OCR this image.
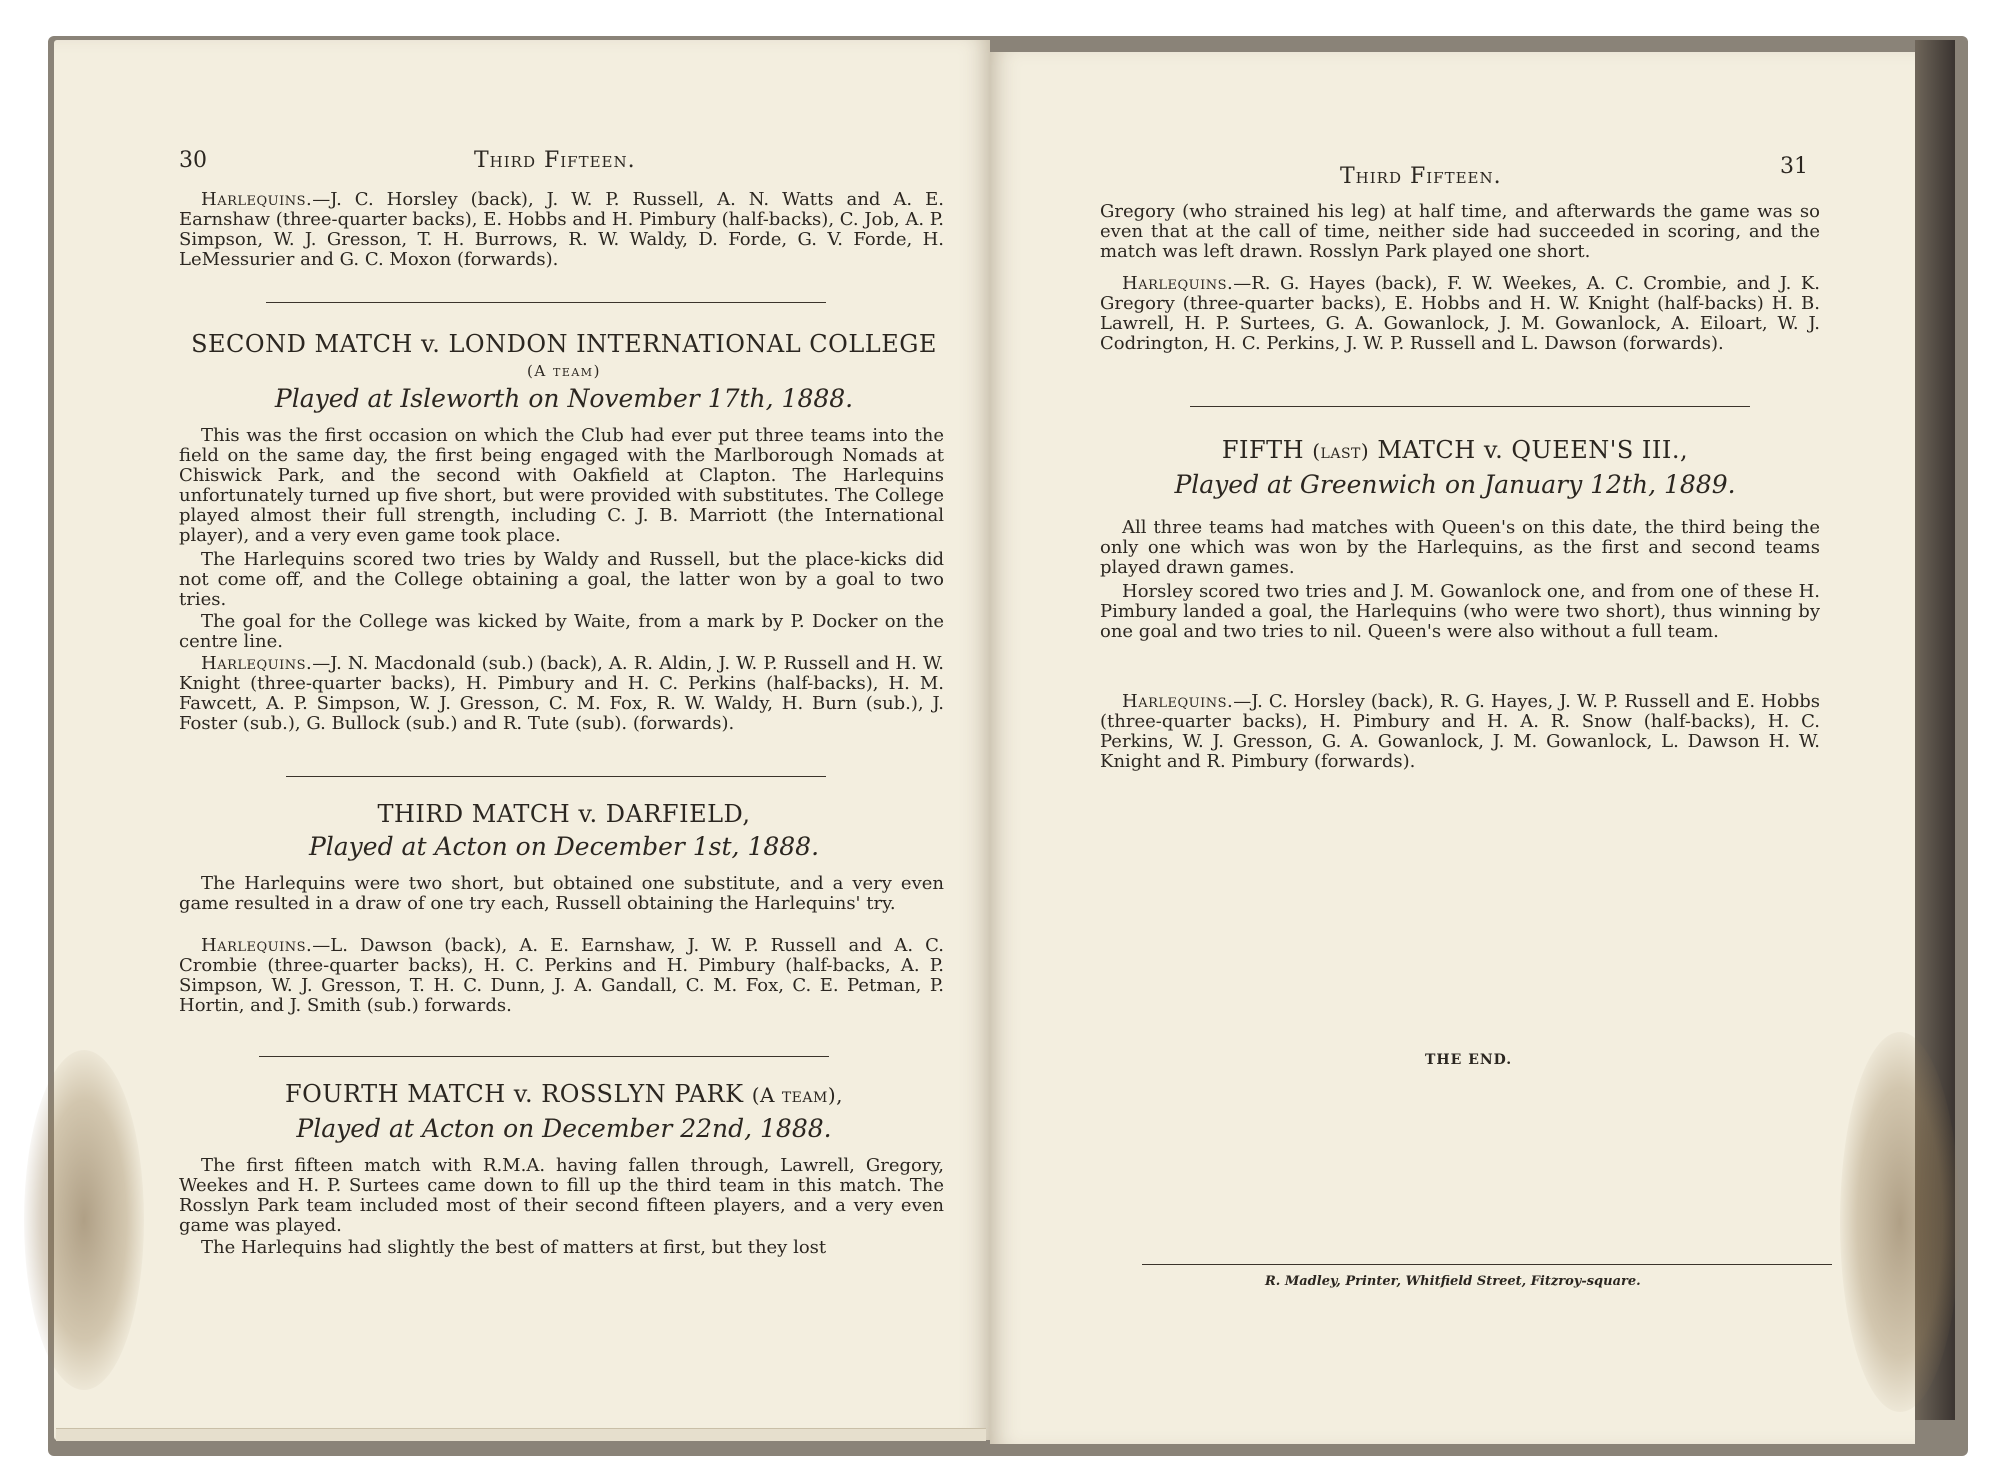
30	Third Fifteen.

Harlequins.—J. C. Horsley (back), J. W. P. Russell, A. N. Watts and A. E. Earnshaw (three-quarter backs), E. Hobbs and H. Pimbury (half-backs), C. Job, A. P. Simpson, W. J. Gresson, T. H. Burrows, R. W. Waldy, D. Forde, G. V. Forde, H. LeMessurier and G. C. Moxon (forwards).

SECOND MATCH v. LONDON INTERNATIONAL COLLEGE
(A team)
Played at Isleworth on November 17th, 1888.

This was the first occasion on which the Club had ever put three teams into the field on the same day, the first being engaged with the Marlborough Nomads at Chiswick Park, and the second with Oakfield at Clapton. The Harlequins unfortunately turned up five short, but were provided with substitutes. The College played almost their full strength, including C. J. B. Marriott (the International player), and a very even game took place.

The Harlequins scored two tries by Waldy and Russell, but the place-kicks did not come off, and the College obtaining a goal, the latter won by a goal to two tries.

The goal for the College was kicked by Waite, from a mark by P. Docker on the centre line.

Harlequins.—J. N. Macdonald (sub.) (back), A. R. Aldin, J. W. P. Russell and H. W. Knight (three-quarter backs), H. Pimbury and H. C. Perkins (half-backs), H. M. Fawcett, A. P. Simpson, W. J. Gresson, C. M. Fox, R. W. Waldy, H. Burn (sub.), J. Foster (sub.), G. Bullock (sub.) and R. Tute (sub). (forwards).

THIRD MATCH v. DARFIELD,
Played at Acton on December 1st, 1888.

The Harlequins were two short, but obtained one substitute, and a very even game resulted in a draw of one try each, Russell obtaining the Harlequins' try.

Harlequins.—L. Dawson (back), A. E. Earnshaw, J. W. P. Russell and A. C. Crombie (three-quarter backs), H. C. Perkins and H. Pimbury (half-backs, A. P. Simpson, W. J. Gresson, T. H. C. Dunn, J. A. Gandall, C. M. Fox, C. E. Petman, P. Hortin, and J. Smith (sub.) forwards.

FOURTH MATCH v. ROSSLYN PARK (A team),
Played at Acton on December 22nd, 1888.

The first fifteen match with R.M.A. having fallen through, Lawrell, Gregory, Weekes and H. P. Surtees came down to fill up the third team in this match. The Rosslyn Park team included most of their second fifteen players, and a very even game was played.

The Harlequins had slightly the best of matters at first, but they lost

Third Fifteen.	31

Gregory (who strained his leg) at half time, and afterwards the game was so even that at the call of time, neither side had succeeded in scoring, and the match was left drawn. Rosslyn Park played one short.

Harlequins.—R. G. Hayes (back), F. W. Weekes, A. C. Crombie, and J. K. Gregory (three-quarter backs), E. Hobbs and H. W. Knight (half-backs) H. B. Lawrell, H. P. Surtees, G. A. Gowanlock, J. M. Gowanlock, A. Eiloart, W. J. Codrington, H. C. Perkins, J. W. P. Russell and L. Dawson (forwards).

FIFTH (last) MATCH v. QUEEN'S III.,
Played at Greenwich on January 12th, 1889.

All three teams had matches with Queen's on this date, the third being the only one which was won by the Harlequins, as the first and second teams played drawn games.

Horsley scored two tries and J. M. Gowanlock one, and from one of these H. Pimbury landed a goal, the Harlequins (who were two short), thus winning by one goal and two tries to nil. Queen's were also without a full team.

Harlequins.—J. C. Horsley (back), R. G. Hayes, J. W. P. Russell and E. Hobbs (three-quarter backs), H. Pimbury and H. A. R. Snow (half-backs), H. C. Perkins, W. J. Gresson, G. A. Gowanlock, J. M. Gowanlock, L. Dawson H. W. Knight and R. Pimbury (forwards).

THE END.
R. Madley, Printer, Whitfield Street, Fitzroy-square.
